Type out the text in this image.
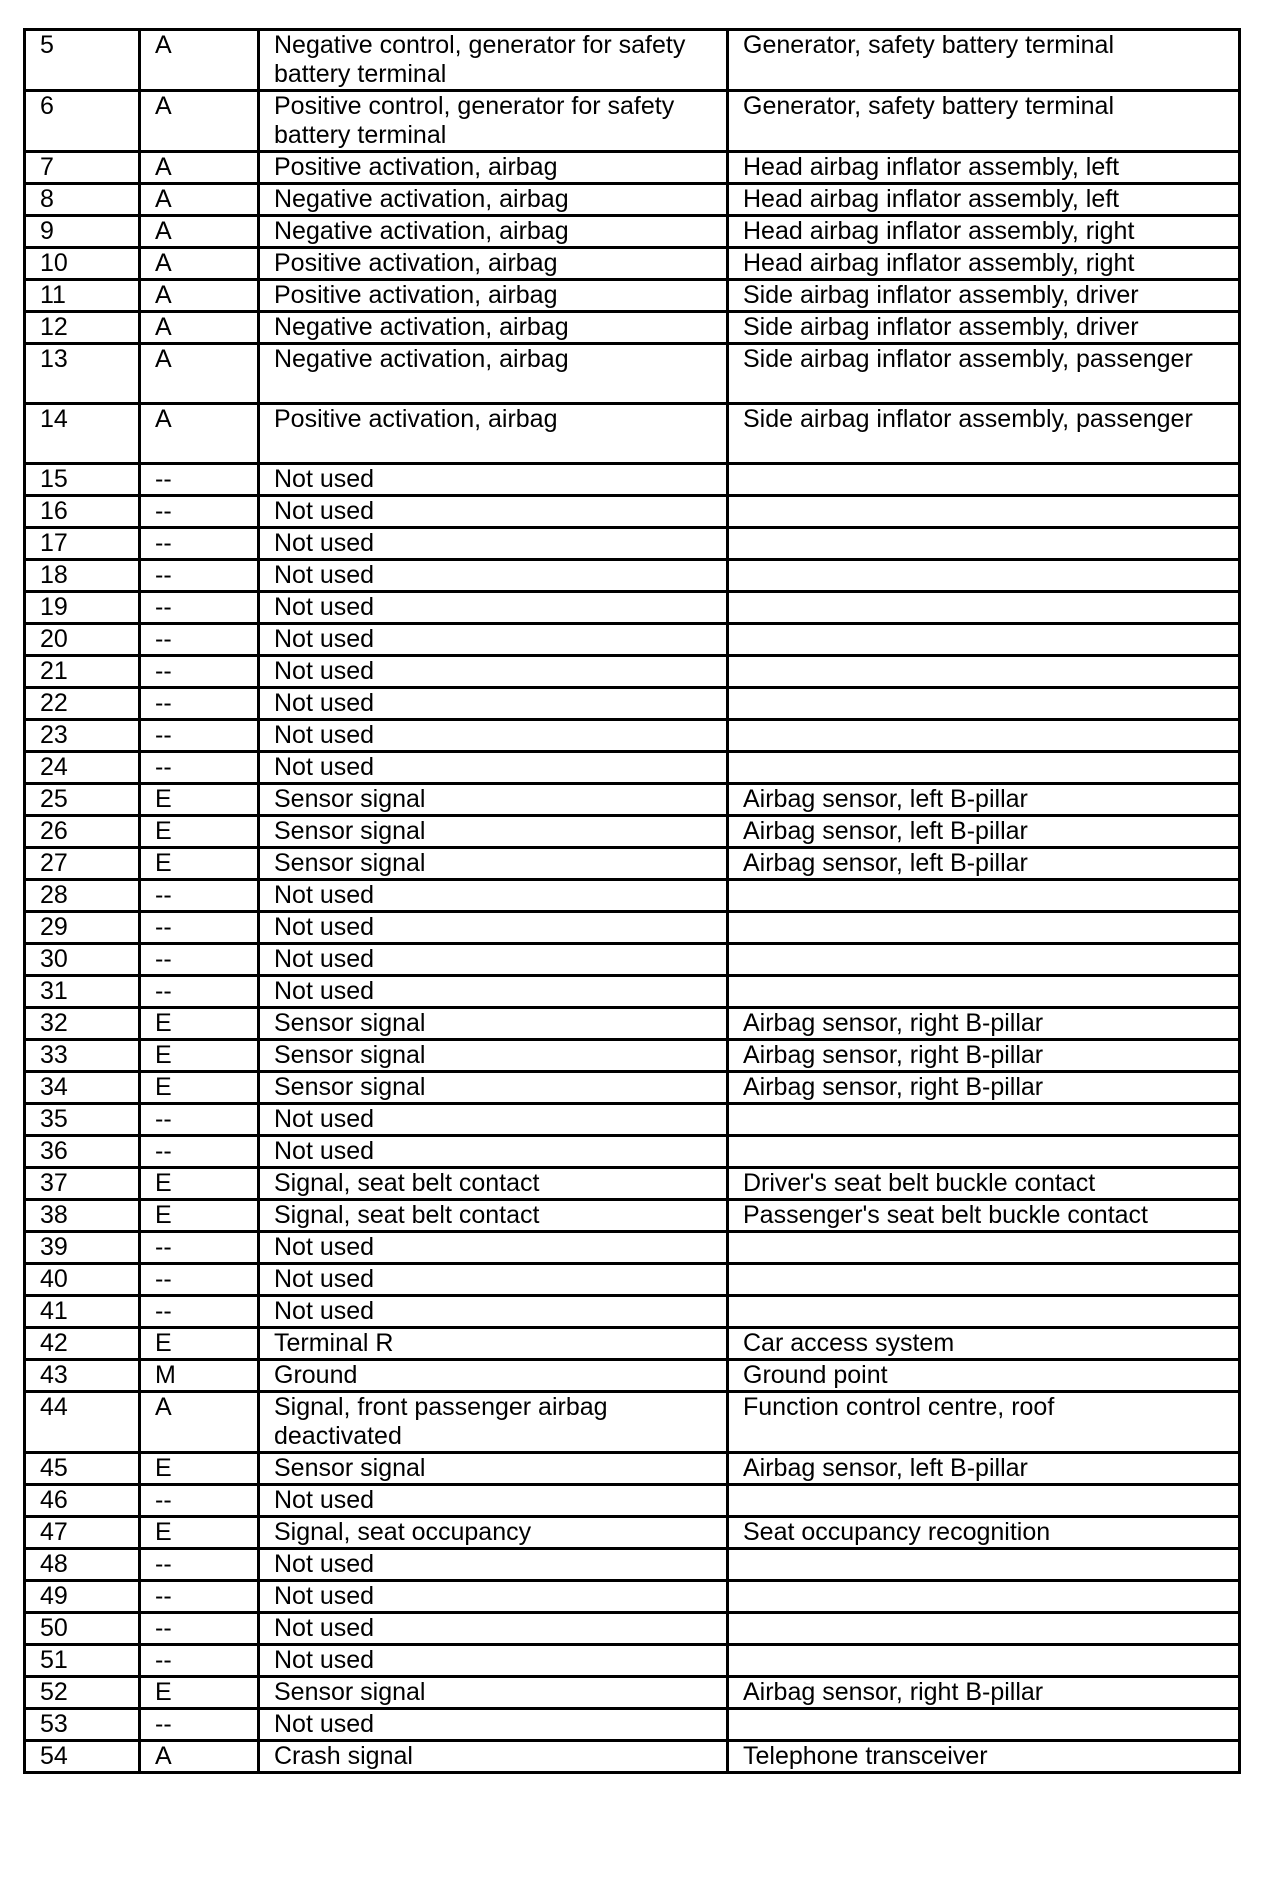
5	A	Negative control, generator for safety battery terminal	Generator, safety battery terminal
6	A	Positive control, generator for safety battery terminal	Generator, safety battery terminal
7	A	Positive activation, airbag	Head airbag inflator assembly, left
8	A	Negative activation, airbag	Head airbag inflator assembly, left
9	A	Negative activation, airbag	Head airbag inflator assembly, right
10	A	Positive activation, airbag	Head airbag inflator assembly, right
11	A	Positive activation, airbag	Side airbag inflator assembly, driver
12	A	Negative activation, airbag	Side airbag inflator assembly, driver
13	A	Negative activation, airbag	Side airbag inflator assembly, passenger
14	A	Positive activation, airbag	Side airbag inflator assembly, passenger
15	--	Not used	
16	--	Not used	
17	--	Not used	
18	--	Not used	
19	--	Not used	
20	--	Not used	
21	--	Not used	
22	--	Not used	
23	--	Not used	
24	--	Not used	
25	E	Sensor signal	Airbag sensor, left B-pillar
26	E	Sensor signal	Airbag sensor, left B-pillar
27	E	Sensor signal	Airbag sensor, left B-pillar
28	--	Not used	
29	--	Not used	
30	--	Not used	
31	--	Not used	
32	E	Sensor signal	Airbag sensor, right B-pillar
33	E	Sensor signal	Airbag sensor, right B-pillar
34	E	Sensor signal	Airbag sensor, right B-pillar
35	--	Not used	
36	--	Not used	
37	E	Signal, seat belt contact	Driver's seat belt buckle contact
38	E	Signal, seat belt contact	Passenger's seat belt buckle contact
39	--	Not used	
40	--	Not used	
41	--	Not used	
42	E	Terminal R	Car access system
43	M	Ground	Ground point
44	A	Signal, front passenger airbag deactivated	Function control centre, roof
45	E	Sensor signal	Airbag sensor, left B-pillar
46	--	Not used	
47	E	Signal, seat occupancy	Seat occupancy recognition
48	--	Not used	
49	--	Not used	
50	--	Not used	
51	--	Not used	
52	E	Sensor signal	Airbag sensor, right B-pillar
53	--	Not used	
54	A	Crash signal	Telephone transceiver
